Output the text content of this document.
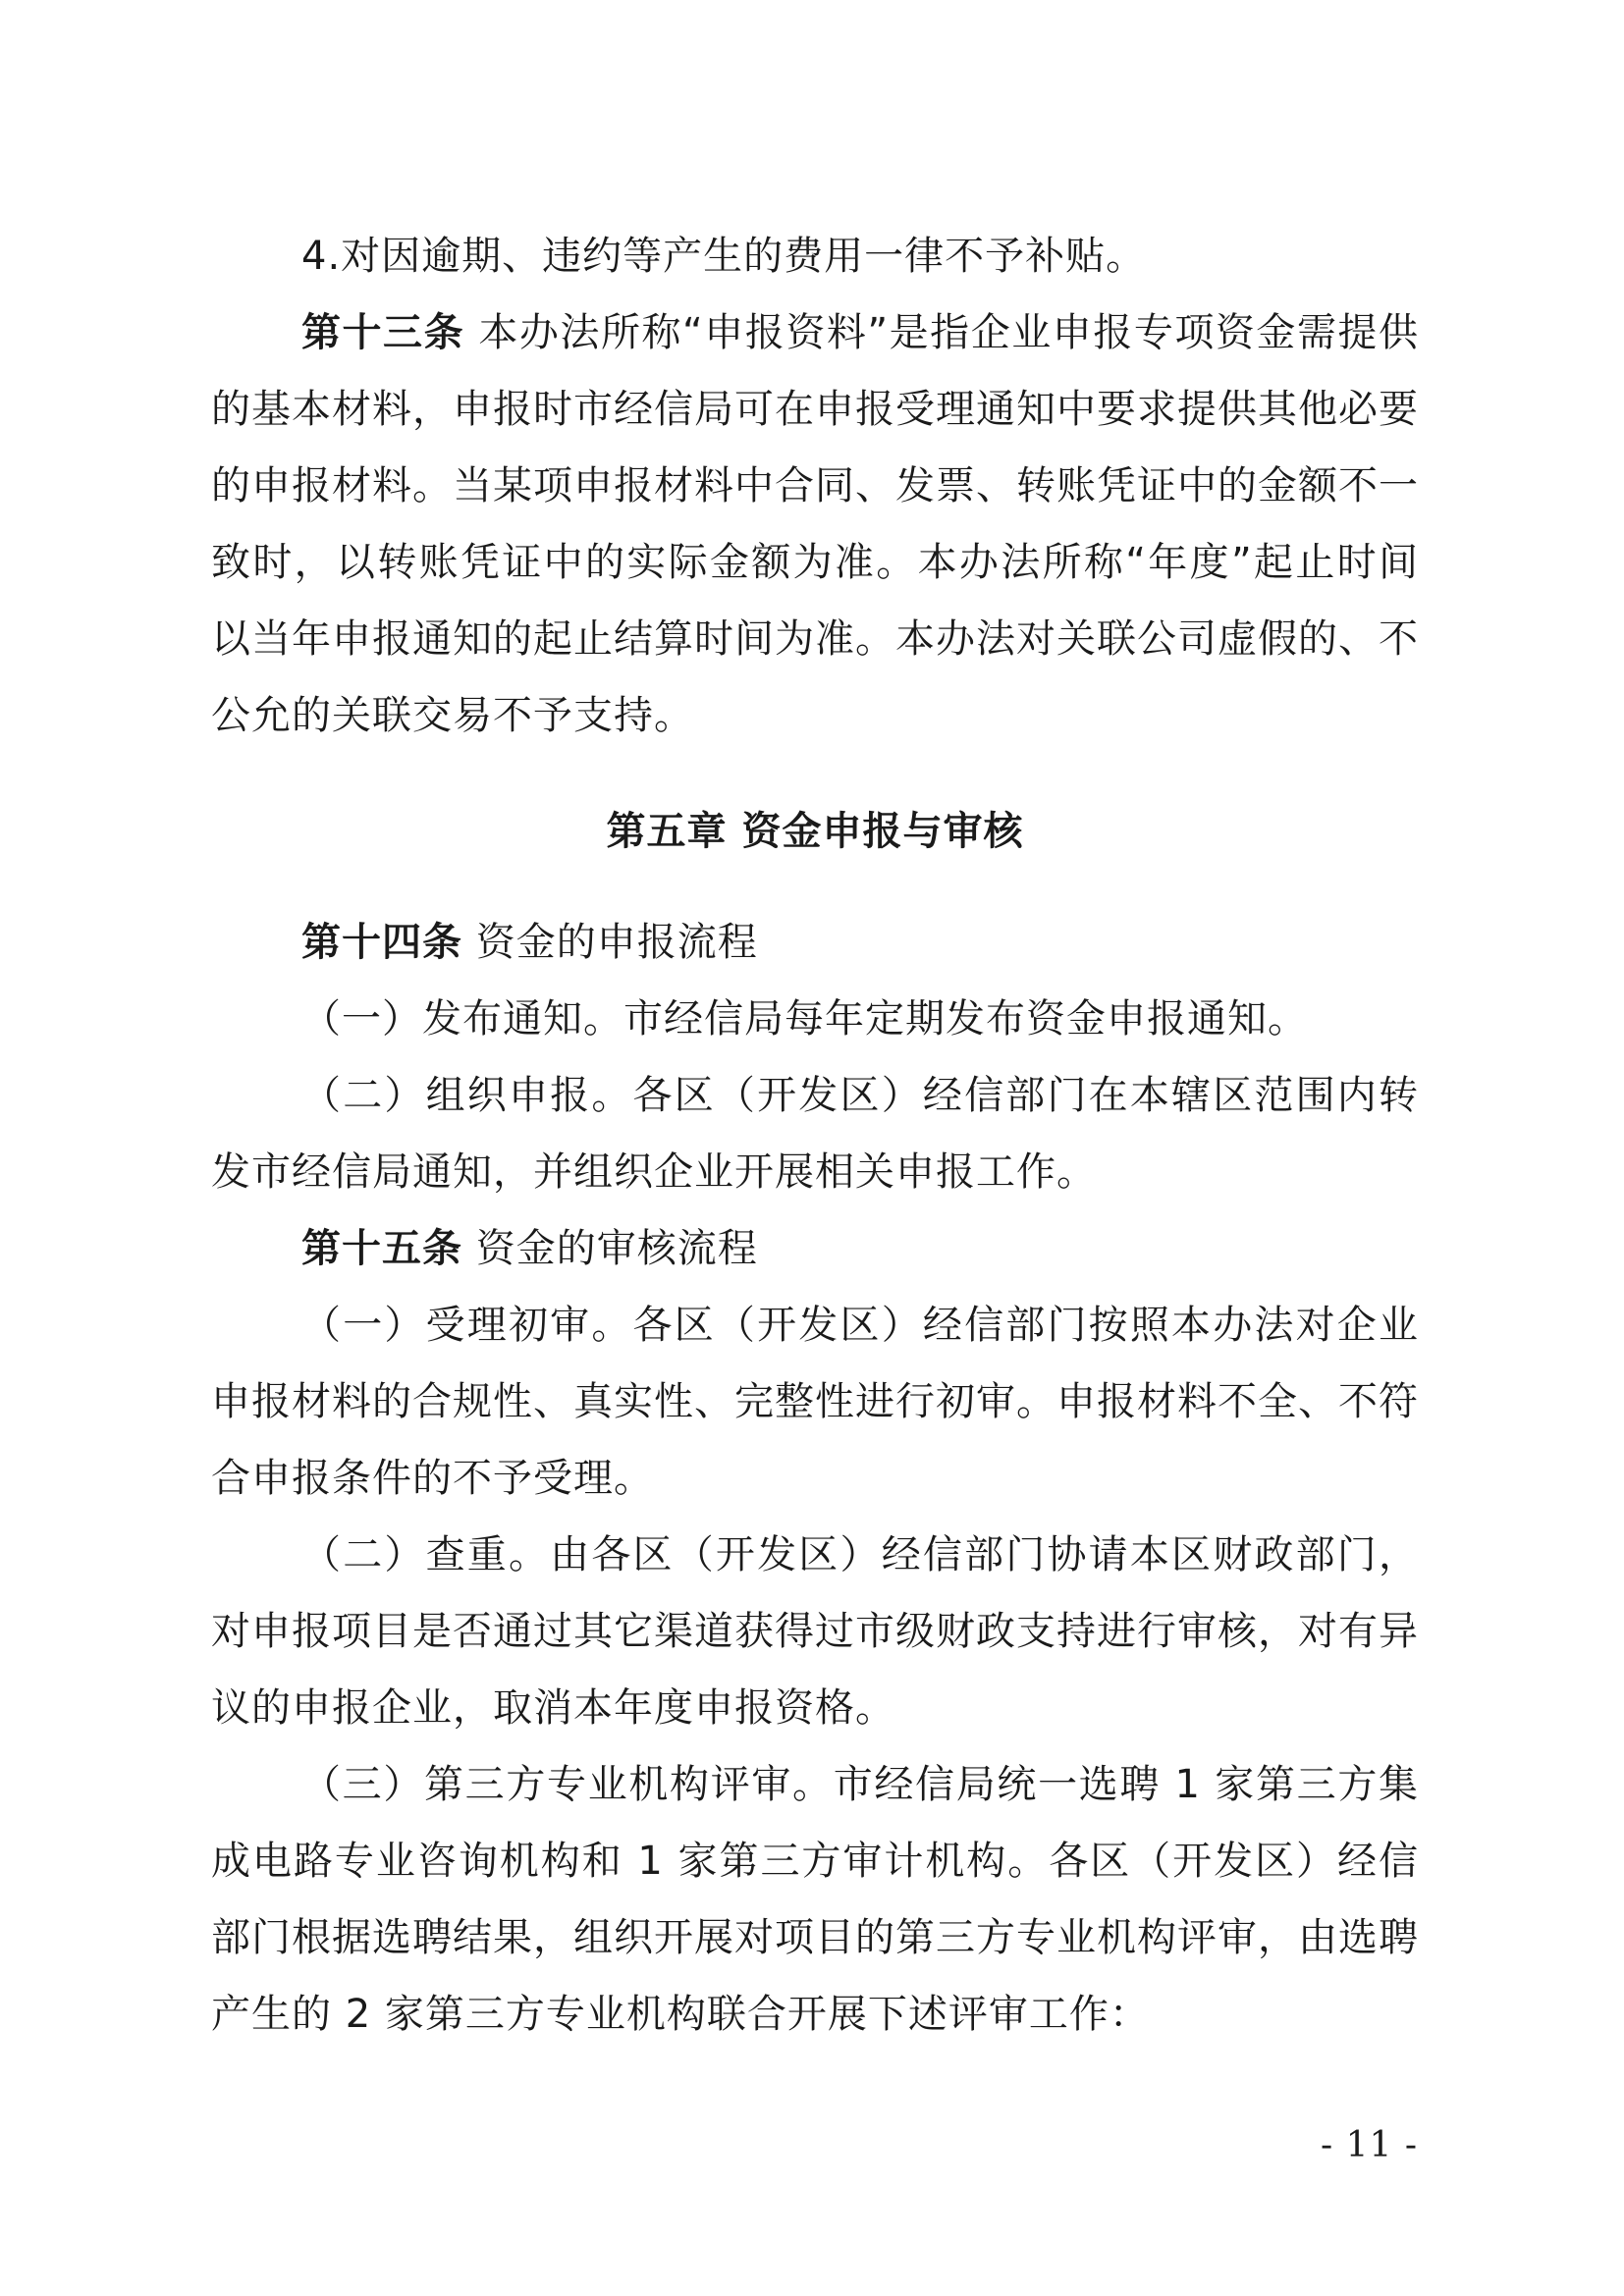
4.对因逾期、违约等产生的费用一律不予补贴。

第十三条 本办法所称“申报资料”是指企业申报专项资金需提供的基本材料，申报时市经信局可在申报受理通知中要求提供其他必要的申报材料。当某项申报材料中合同、发票、转账凭证中的金额不一致时，以转账凭证中的实际金额为准。本办法所称“年度”起止时间以当年申报通知的起止结算时间为准。本办法对关联公司虚假的、不公允的关联交易不予支持。

第五章 资金申报与审核

第十四条 资金的申报流程

（一）发布通知。市经信局每年定期发布资金申报通知。

（二）组织申报。各区（开发区）经信部门在本辖区范围内转发市经信局通知，并组织企业开展相关申报工作。

第十五条 资金的审核流程

（一）受理初审。各区（开发区）经信部门按照本办法对企业申报材料的合规性、真实性、完整性进行初审。申报材料不全、不符合申报条件的不予受理。

（二）查重。由各区（开发区）经信部门协请本区财政部门，对申报项目是否通过其它渠道获得过市级财政支持进行审核，对有异议的申报企业，取消本年度申报资格。

（三）第三方专业机构评审。市经信局统一选聘 1 家第三方集成电路专业咨询机构和 1 家第三方审计机构。各区（开发区）经信部门根据选聘结果，组织开展对项目的第三方专业机构评审，由选聘产生的 2 家第三方专业机构联合开展下述评审工作：

- 11 -
